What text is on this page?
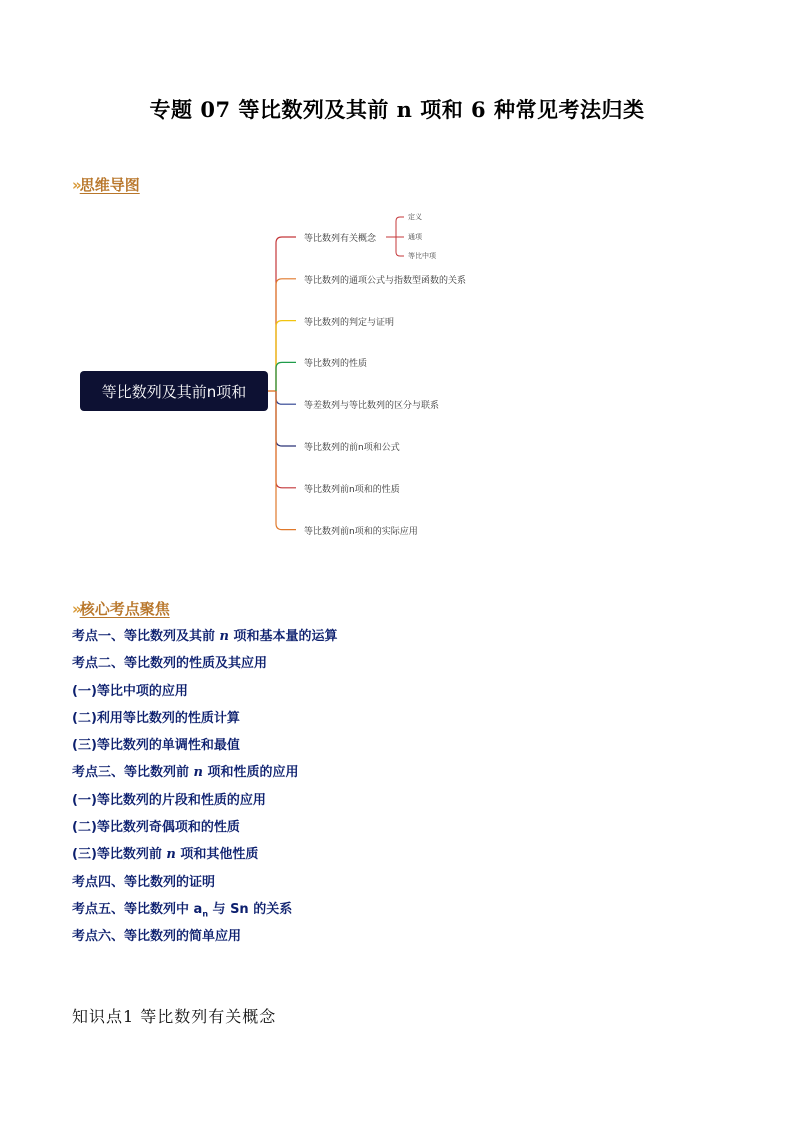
专题 07 等比数列及其前 n 项和 6 种常见考法归类
» 思维导图
等比数列及其前n项和
等比数列有关概念
等比数列的通项公式与指数型函数的关系
等比数列的判定与证明
等比数列的性质
等差数列与等比数列的区分与联系
等比数列的前n项和公式
等比数列前n项和的性质
等比数列前n项和的实际应用
定义
通项
等比中项
» 核心考点聚焦
考点一、等比数列及其前 n 项和基本量的运算
考点二、等比数列的性质及其应用
(一)等比中项的应用
(二)利用等比数列的性质计算
(三)等比数列的单调性和最值
考点三、等比数列前 n 项和性质的应用
(一)等比数列的片段和性质的应用
(二)等比数列奇偶项和的性质
(三)等比数列前 n 项和其他性质
考点四、等比数列的证明
考点五、等比数列中 $a_n$ 与 Sn 的关系
考点六、等比数列的简单应用
知识点1 等比数列有关概念
